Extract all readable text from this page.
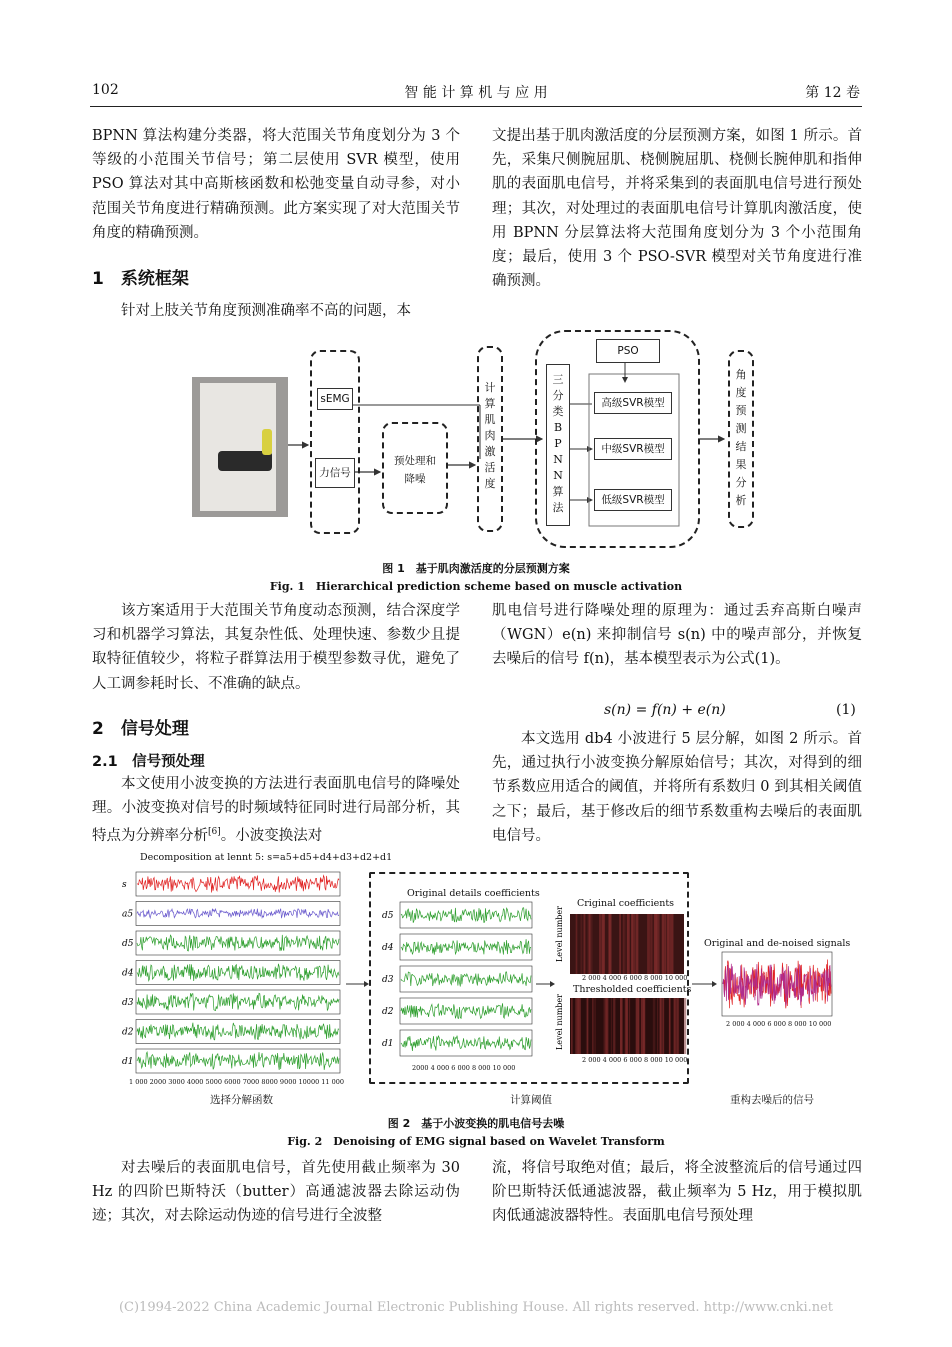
102	智 能 计 算 机 与 应 用	第 12 卷

BPNN 算法构建分类器，将大范围关节角度划分为 3 个等级的小范围关节信号；第二层使用 SVR 模型，使用 PSO 算法对其中高斯核函数和松弛变量自动寻参，对小范围关节角度进行精确预测。此方案实现了对大范围关节角度的精确预测。

1　系统框架

针对上肢关节角度预测准确率不高的问题，本

文提出基于肌肉激活度的分层预测方案，如图 1 所示。首先，采集尺侧腕屈肌、桡侧腕屈肌、桡侧长腕伸肌和指伸肌的表面肌电信号，并将采集到的表面肌电信号进行预处理；其次，对处理过的表面肌电信号计算肌肉激活度，使用 BPNN 分层算法将大范围角度划分为 3 个小范围角度；最后，使用 3 个 PSO-SVR 模型对关节角度进行准确预测。

sEMG
力信号
预处理和降噪
计
算
肌
肉
激
活
度
三
分
类
B
P
N
N
算
法
PSO
高级SVR模型
中级SVR模型
低级SVR模型
角
度
预
测
结
果
分
析
图 1　基于肌肉激活度的分层预测方案
Fig. 1　Hierarchical prediction scheme based on muscle activation

该方案适用于大范围关节角度动态预测，结合深度学习和机器学习算法，其复杂性低、处理快速、参数少且提取特征值较少，将粒子群算法用于模型参数寻优，避免了人工调参耗时长、不准确的缺点。

2　信号处理
2.1　信号预处理

本文使用小波变换的方法进行表面肌电信号的降噪处理。小波变换对信号的时频域特征同时进行局部分析，其特点为分辨率分析[6]。小波变换法对

肌电信号进行降噪处理的原理为：通过丢弃高斯白噪声（WGN）e(n) 来抑制信号 s(n) 中的噪声部分，并恢复去噪后的信号 f(n)，基本模型表示为公式(1)。

s(n) = f(n) + e(n)	(1)

本文选用 db4 小波进行 5 层分解，如图 2 所示。首先，通过执行小波变换分解原始信号；其次，对得到的细节系数应用适合的阈值，并将所有系数归 0 到其相关阈值之下；最后，基于修改后的细节系数重构去噪后的表面肌电信号。

Decomposition at lennt 5: s=a5+d5+d4+d3+d2+d1
s
a5
d5
d4
d3
d2
d1
d5
d4
d3
d2
d1
Level number
Level number
1 000 2000 3000 4000 5000 6000 7000 8000 9000 10000 11 000
Original details coefficients
2000 4 000 6 000 8 000 10 000
Criginal coefficients
Thresholded coefficients
2 000 4 000 6 000 8 000 10 000
2 000 4 000 6 000 8 000 10 000
Original and de-noised signals
2 000 4 000 6 000 8 000 10 000
选择分解函数	计算阈值	重构去噪后的信号
图 2　基于小波变换的肌电信号去噪
Fig. 2　Denoising of EMG signal based on Wavelet Transform

对去噪后的表面肌电信号，首先使用截止频率为 30 Hz 的四阶巴斯特沃（butter）高通滤波器去除运动伪迹；其次，对去除运动伪迹的信号进行全波整

流，将信号取绝对值；最后，将全波整流后的信号通过四阶巴斯特沃低通滤波器，截止频率为 5 Hz，用于模拟肌肉低通滤波器特性。表面肌电信号预处理

(C)1994-2022 China Academic Journal Electronic Publishing House. All rights reserved. http://www.cnki.net
